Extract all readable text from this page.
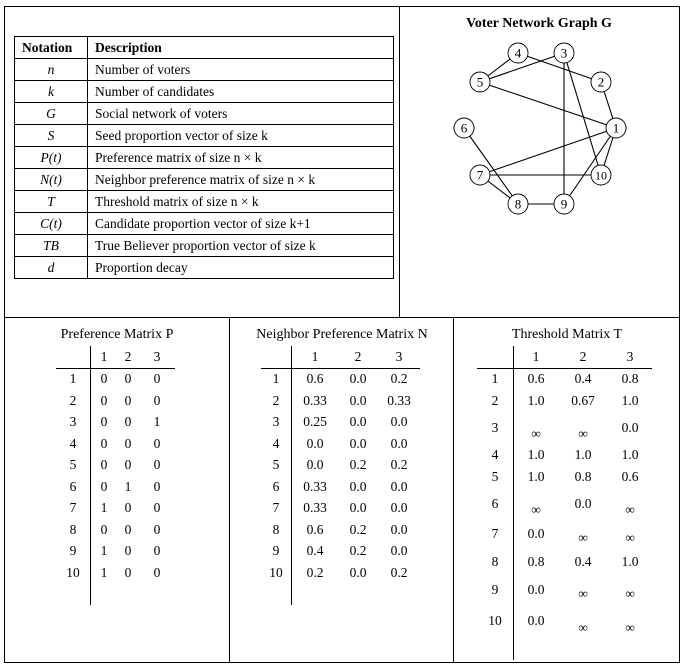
Notation	Description
n	Number of voters
k	Number of candidates
G	Social network of voters
S	Seed proportion vector of size k
P(t)	Preference matrix of size n × k
N(t)	Neighbor preference matrix of size n × k
T	Threshold matrix of size n × k
C(t)	Candidate proportion vector of size k+1
TB	True Believer proportion vector of size k
d	Proportion decay
Voter Network Graph G
1
2
3
4
5
6
7
8	9
10
Preference Matrix P	Neighbor Preference Matrix N	Threshold Matrix T
	1	2	3
1	0	0	0
2	0	0	0
3	0	0	1
4	0	0	0
5	0	0	0
6	0	1	0
7	1	0	0
8	0	0	0
9	1	0	0
10	1	0	0

	1	2	3
1	0.6	0.0	0.2
2	0.33	0.0	0.33
3	0.25	0.0	0.0
4	0.0	0.0	0.0
5	0.0	0.2	0.2
6	0.33	0.0	0.0
7	0.33	0.0	0.0
8	0.6	0.2	0.0
9	0.4	0.2	0.0
10	0.2	0.0	0.2

	1	2	3
1	0.6	0.4	0.8
2	1.0	0.67	1.0
3	∞	∞	0.0
4	1.0	1.0	1.0
5	1.0	0.8	0.6
6	∞	0.0	∞
7	0.0	∞	∞
8	0.8	0.4	1.0
9	0.0	∞	∞
10	0.0	∞	∞
